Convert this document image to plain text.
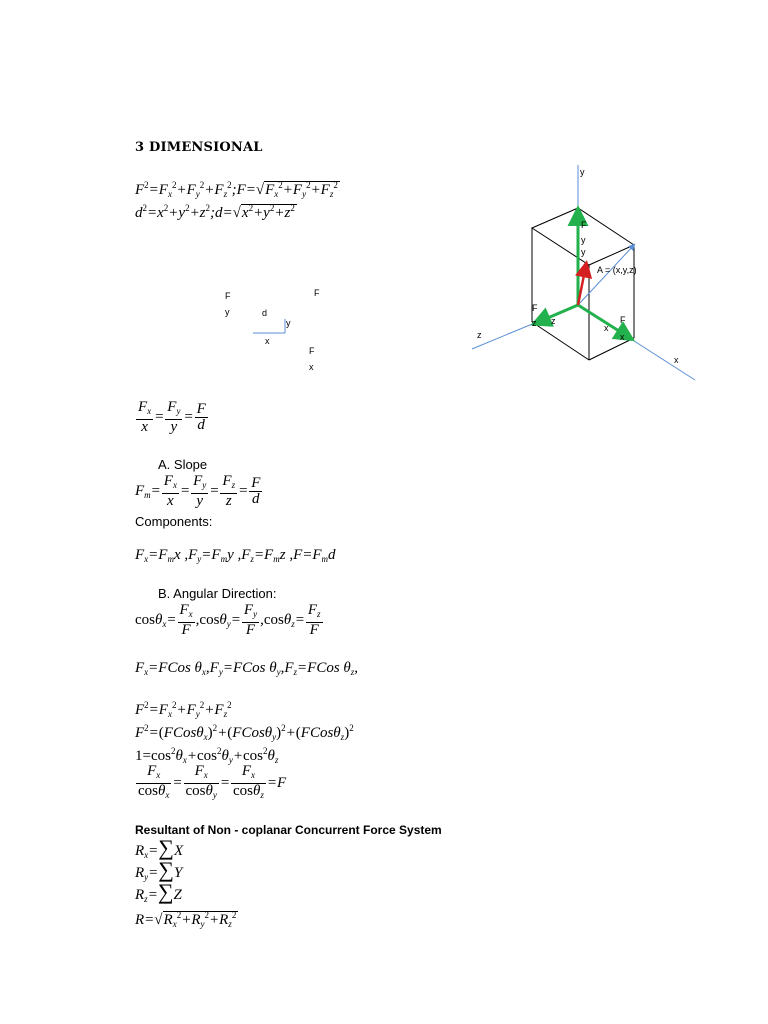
3 DIMENSIONAL
$F^2=F_x^2+F_y^2+F_z^2;F=√F_x^2+F_y^2+F_z^2$
$d^2=x^2+y^2+z^2;d=√x^2+y^2+z^2$
F
y	d
y
x
F
F
x
$\frac{F_x}{x} = \frac{F_y}{y} = \frac{F}{d}$
A. Slope
$F_m= \frac{F_x}{x} = \frac{F_y}{y} = \frac{F_z}{z} = \frac{F}{d}$
Components:
$F_x=F_mx$ $,F_y=F_my$ $,F_z=F_mz$ $,F=F_md$
B. Angular Direction:
$\cos\theta_x= \frac{F_x}{F} ,\cos\theta_y= \frac{F_y}{F} ,\cos\theta_z= \frac{F_z}{F}$
$F_x=FCos$ $\theta_x,F_y=FCos$ $\theta_y,F_z=FCos$ $\theta_z$,
$F^2=F_x^2+F_y^2+F_z^2$
$F^2=(FCos\theta_x)^2+(FCos\theta_y)^2+(FCos\theta_z)^2$
$1=\cos^2\theta_x+\cos^2\theta_y+\cos^2\theta_z$
$\frac{F_x}{\cos\theta_x} = \frac{F_x}{\cos\theta_y} = \frac{F_x}{\cos\theta_z} =F$
Resultant of Non - coplanar Concurrent Force System
$R_x=\sum X$
$R_y=\sum Y$
$R_z=\sum Z$
$R=√R_x^2+R_y^2+R_z^2$
y
x
z
F
y
y
A = (x,y,z)
F
z z
x
F
x
